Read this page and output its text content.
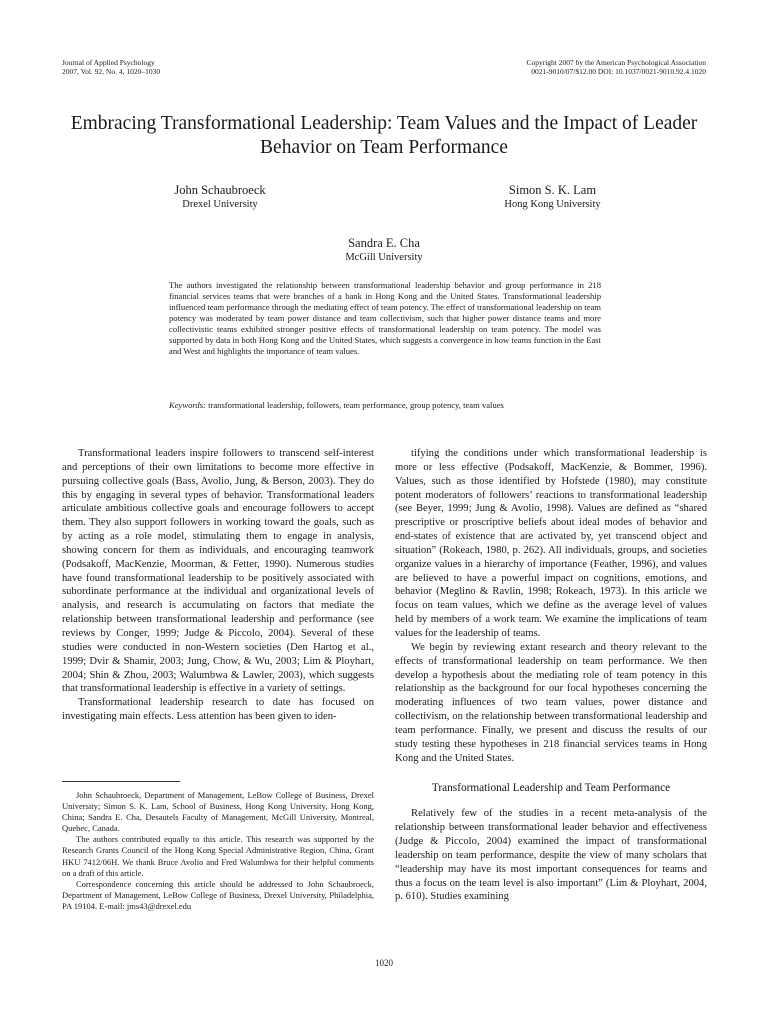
Journal of Applied Psychology
2007, Vol. 92, No. 4, 1020–1030
Copyright 2007 by the American Psychological Association
0021-9010/07/$12.00 DOI: 10.1037/0021-9010.92.4.1020
Embracing Transformational Leadership: Team Values and the Impact of Leader Behavior on Team Performance
John Schaubroeck
Drexel University
Simon S. K. Lam
Hong Kong University
Sandra E. Cha
McGill University

The authors investigated the relationship between transformational leadership behavior and group performance in 218 financial services teams that were branches of a bank in Hong Kong and the United States. Transformational leadership influenced team performance through the mediating effect of team potency. The effect of transformational leadership on team potency was moderated by team power distance and team collectivism, such that higher power distance teams and more collectivistic teams exhibited stronger positive effects of transformational leadership on team potency. The model was supported by data in both Hong Kong and the United States, which suggests a convergence in how teams function in the East and West and highlights the importance of team values.

Keywords: transformational leadership, followers, team performance, group potency, team values

Transformational leaders inspire followers to transcend self-interest and perceptions of their own limitations to become more effective in pursuing collective goals (Bass, Avolio, Jung, & Berson, 2003). They do this by engaging in several types of behavior. Transformational leaders articulate ambitious collective goals and encourage followers to accept them. They also support followers in working toward the goals, such as by acting as a role model, stimulating them to engage in analysis, showing concern for them as individuals, and encouraging teamwork (Podsakoff, MacKenzie, Moorman, & Fetter, 1990). Numerous studies have found transformational leadership to be positively associated with subordinate performance at the individual and organizational levels of analysis, and research is accumulating on factors that mediate the relationship between transformational leadership and performance (see reviews by Conger, 1999; Judge & Piccolo, 2004). Several of these studies were conducted in non-Western societies (Den Hartog et al., 1999; Dvir & Shamir, 2003; Jung, Chow, & Wu, 2003; Lim & Ployhart, 2004; Shin & Zhou, 2003; Walumbwa & Lawler, 2003), which suggests that transformational leadership is effective in a variety of settings.

Transformational leadership research to date has focused on investigating main effects. Less attention has been given to iden-

tifying the conditions under which transformational leadership is more or less effective (Podsakoff, MacKenzie, & Bommer, 1996). Values, such as those identified by Hofstede (1980), may constitute potent moderators of followers’ reactions to transformational leadership (see Beyer, 1999; Jung & Avolio, 1998). Values are defined as “shared prescriptive or proscriptive beliefs about ideal modes of behavior and end-states of existence that are activated by, yet transcend object and situation” (Rokeach, 1980, p. 262). All individuals, groups, and societies organize values in a hierarchy of importance (Feather, 1996), and values are believed to have a powerful impact on cognitions, emotions, and behavior (Meglino & Ravlin, 1998; Rokeach, 1973). In this article we focus on team values, which we define as the average level of values held by members of a work team. We examine the implications of team values for the leadership of teams.

We begin by reviewing extant research and theory relevant to the effects of transformational leadership on team performance. We then develop a hypothesis about the mediating role of team potency in this relationship as the background for our focal hypotheses concerning the moderating influences of two team values, power distance and collectivism, on the relationship between transformational leadership and team performance. Finally, we present and discuss the results of our study testing these hypotheses in 218 financial services teams in Hong Kong and the United States.

Transformational Leadership and Team Performance

Relatively few of the studies in a recent meta-analysis of the relationship between transformational leader behavior and effectiveness (Judge & Piccolo, 2004) examined the impact of transformational leadership on team performance, despite the view of many scholars that “leadership may have its most important consequences for teams and thus a focus on the team level is also important” (Lim & Ployhart, 2004, p. 610). Studies examining

John Schaubroeck, Department of Management, LeBow College of Business, Drexel University; Simon S. K. Lam, School of Business, Hong Kong University, Hong Kong, China; Sandra E. Cha, Desautels Faculty of Management, McGill University, Montreal, Quebec, Canada.

The authors contributed equally to this article. This research was supported by the Research Grants Council of the Hong Kong Special Administrative Region, China, Grant HKU 7412/06H. We thank Bruce Avolio and Fred Walumbwa for their helpful comments on a draft of this article.

Correspondence concerning this article should be addressed to John Schaubroeck, Department of Management, LeBow College of Business, Drexel University, Philadelphia, PA 19104. E-mail: jms43@drexel.edu

1020
